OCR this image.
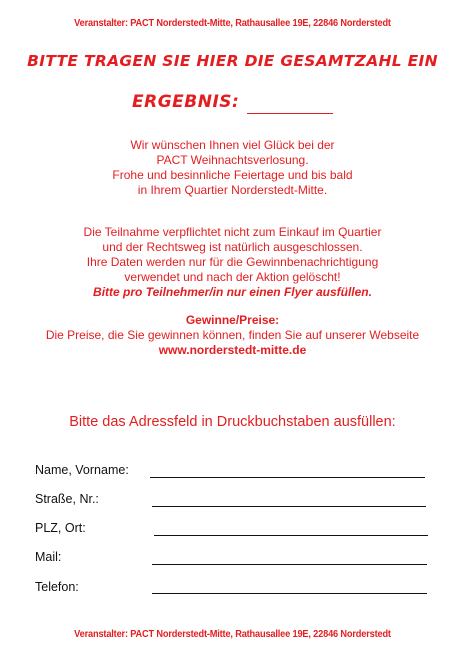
Veranstalter: PACT Norderstedt-Mitte, Rathausallee 19E, 22846 Norderstedt
BITTE TRAGEN SIE HIER DIE GESAMTZAHL EIN
ERGEBNIS:
Wir wünschen Ihnen viel Glück bei der
PACT Weihnachtsverlosung.
Frohe und besinnliche Feiertage und bis bald
in Ihrem Quartier Norderstedt-Mitte.
Die Teilnahme verpflichtet nicht zum Einkauf im Quartier
und der Rechtsweg ist natürlich ausgeschlossen.
Ihre Daten werden nur für die Gewinnbenachrichtigung
verwendet und nach der Aktion gelöscht!
Bitte pro Teilnehmer/in nur einen Flyer ausfüllen.
Gewinne/Preise:
Die Preise, die Sie gewinnen können, finden Sie auf unserer Webseite
www.norderstedt-mitte.de
Bitte das Adressfeld in Druckbuchstaben ausfüllen:
Name, Vorname:
Straße, Nr.:
PLZ, Ort:
Mail:
Telefon:
Veranstalter: PACT Norderstedt-Mitte, Rathausallee 19E, 22846 Norderstedt
